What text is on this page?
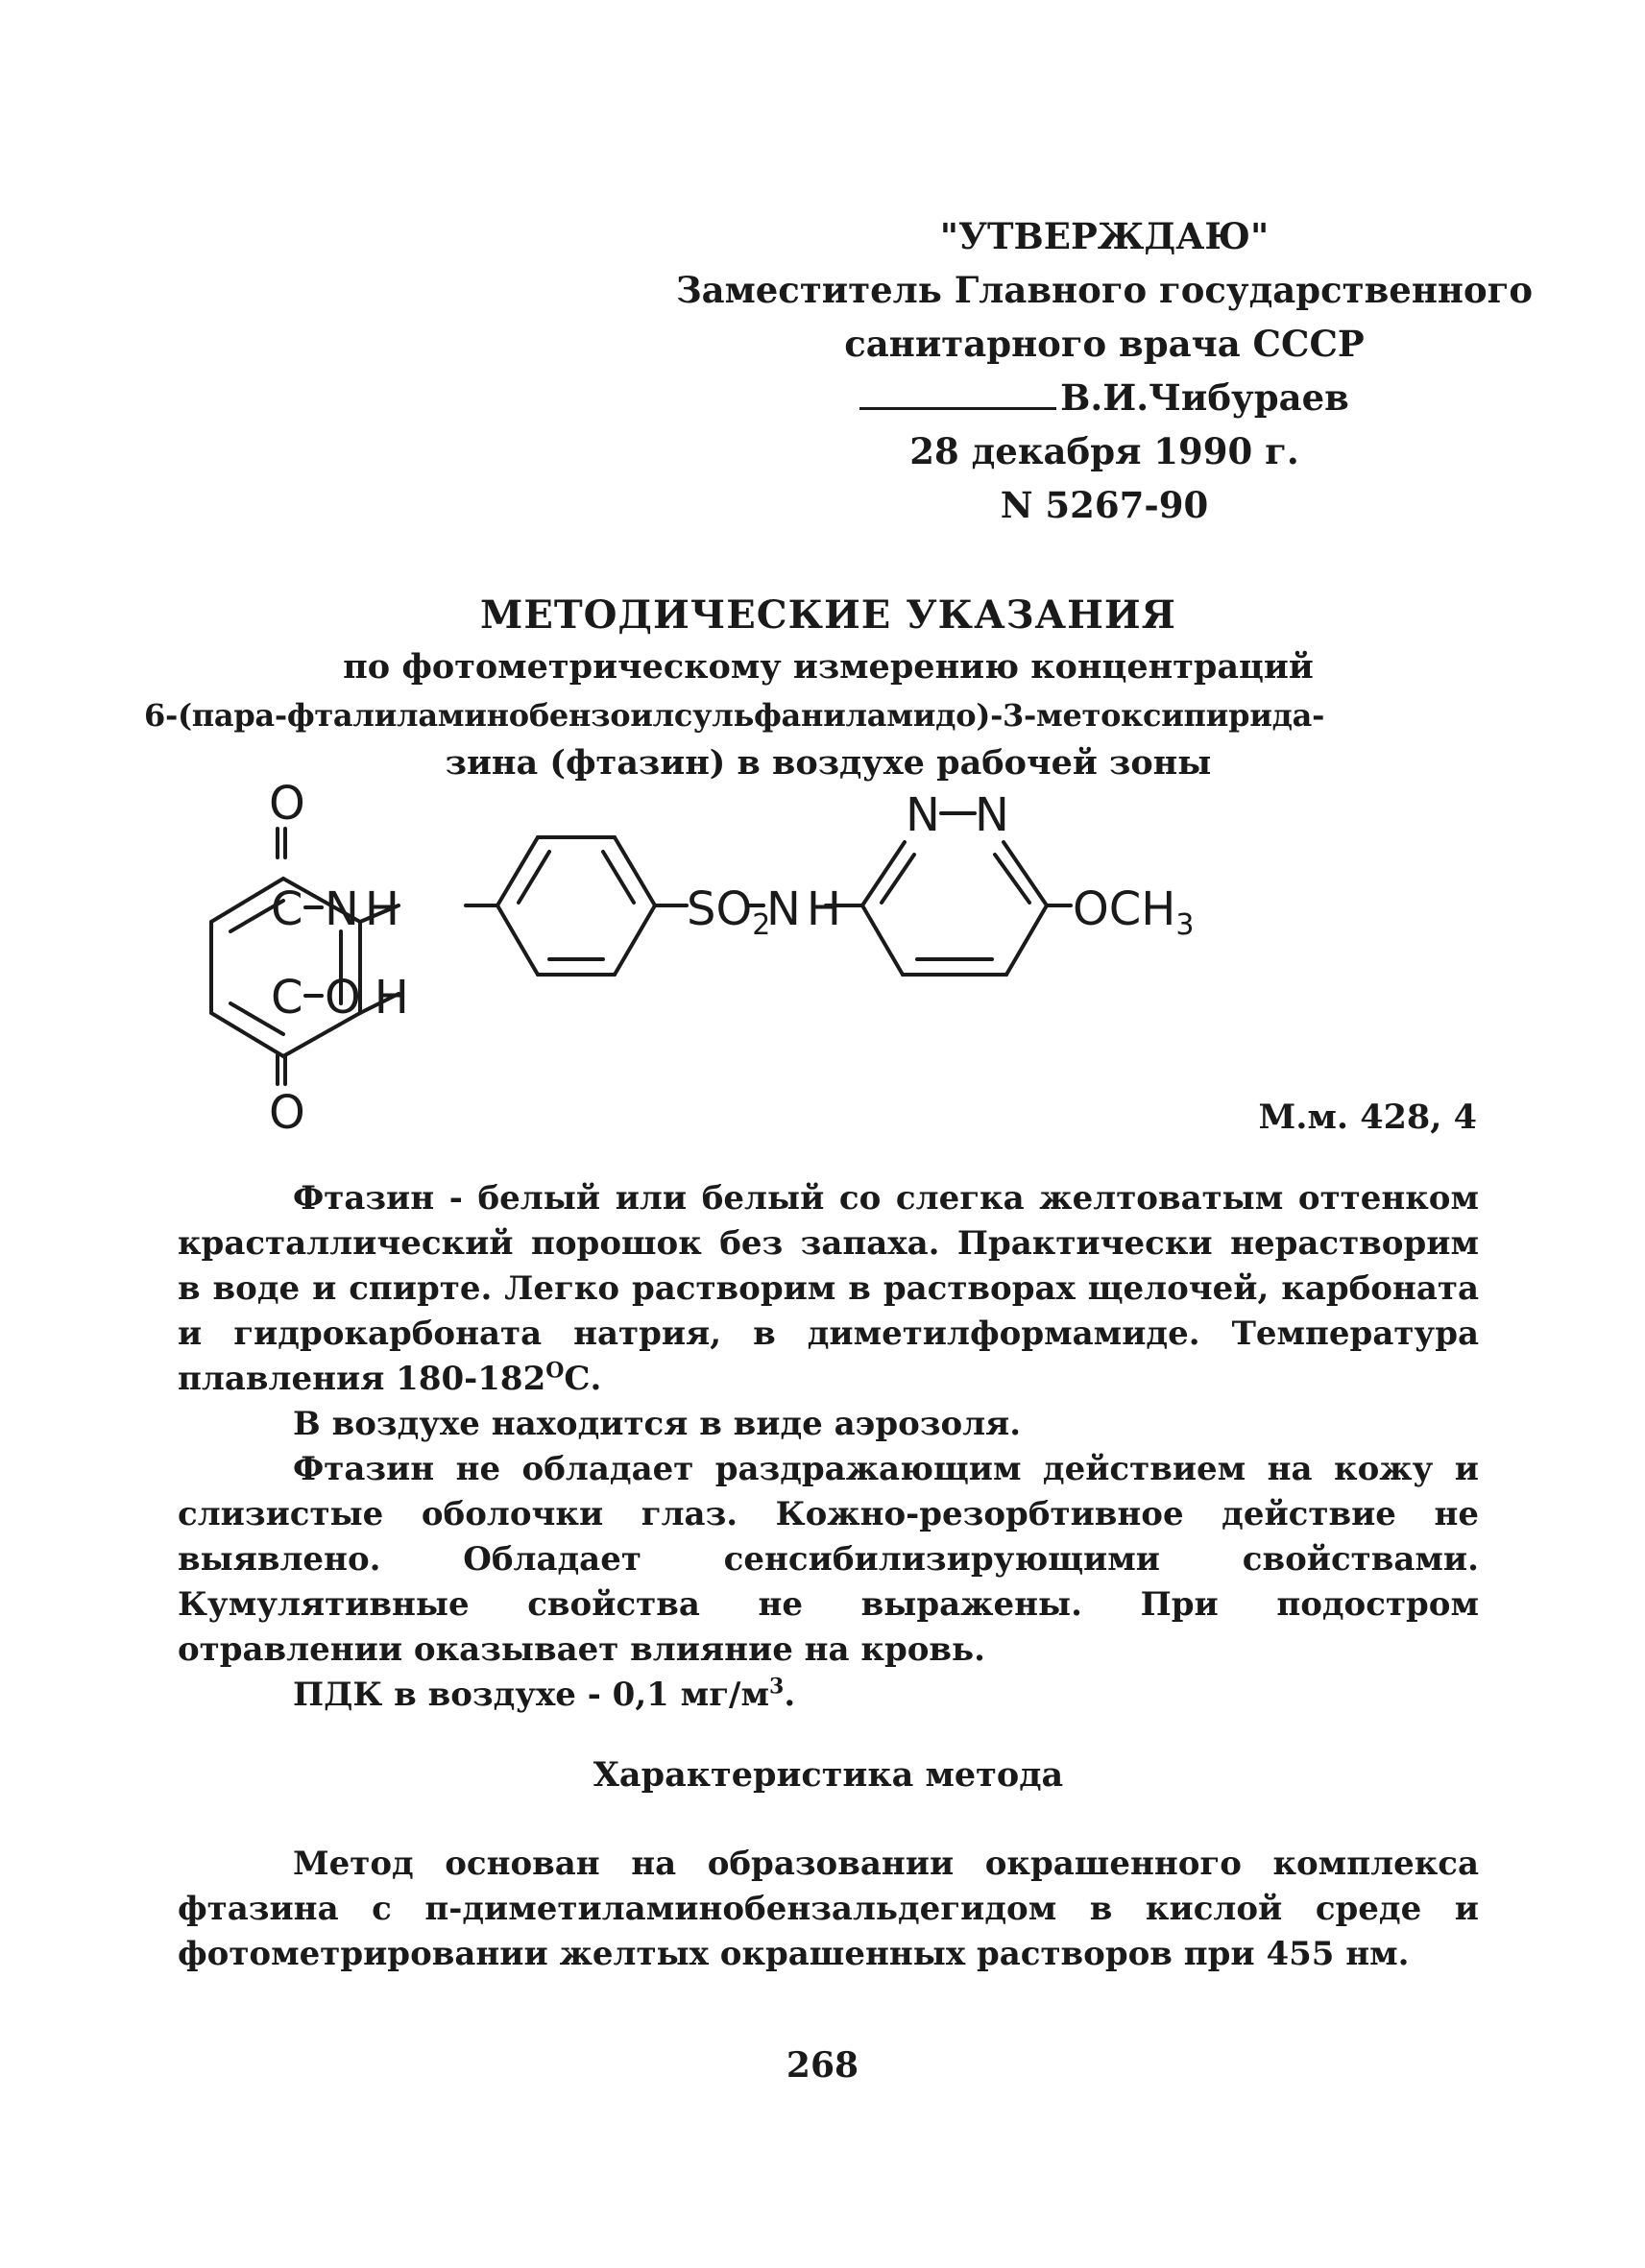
"УТВЕРЖДАЮ"
Заместитель Главного государственного
санитарного врача СССР
В.И.Чибураев
28 декабря 1990 г.
N 5267-90
МЕТОДИЧЕСКИЕ УКАЗАНИЯ
по фотометрическому измерению концентраций
6-(пара-фталиламинобензоилсульфаниламидо)-3-метоксипирида-
зина (фтазин) в воздухе рабочей зоны
O
C NH	$SO_2$
NH
N N
$OCH_3$
C OH
O	М.м. 428, 4

Фтазин - белый или белый со слегка желтоватым оттенком красталлический порошок без запаха. Практически нерастворим в воде и спирте. Легко растворим в растворах щелочей, карбоната и гидрокарбоната натрия, в диметилформамиде. Температура плавления $180-182^ОС$.

В воздухе находится в виде аэрозоля.

Фтазин не обладает раздражающим действием на кожу и слизистые оболочки глаз. Кожно-резорбтивное действие не выявлено. Обладает сенсибилизирующими свойствами. Кумулятивные свойства не выражены. При подостром отравлении оказывает влияние на кровь.

ПДК в воздухе - 0,1 $мг/м^3$.

Характеристика метода

Метод основан на образовании окрашенного комплекса фтазина с п-диметиламинобензальдегидом в кислой среде и фотометрировании желтых окрашенных растворов при 455 нм.

268
